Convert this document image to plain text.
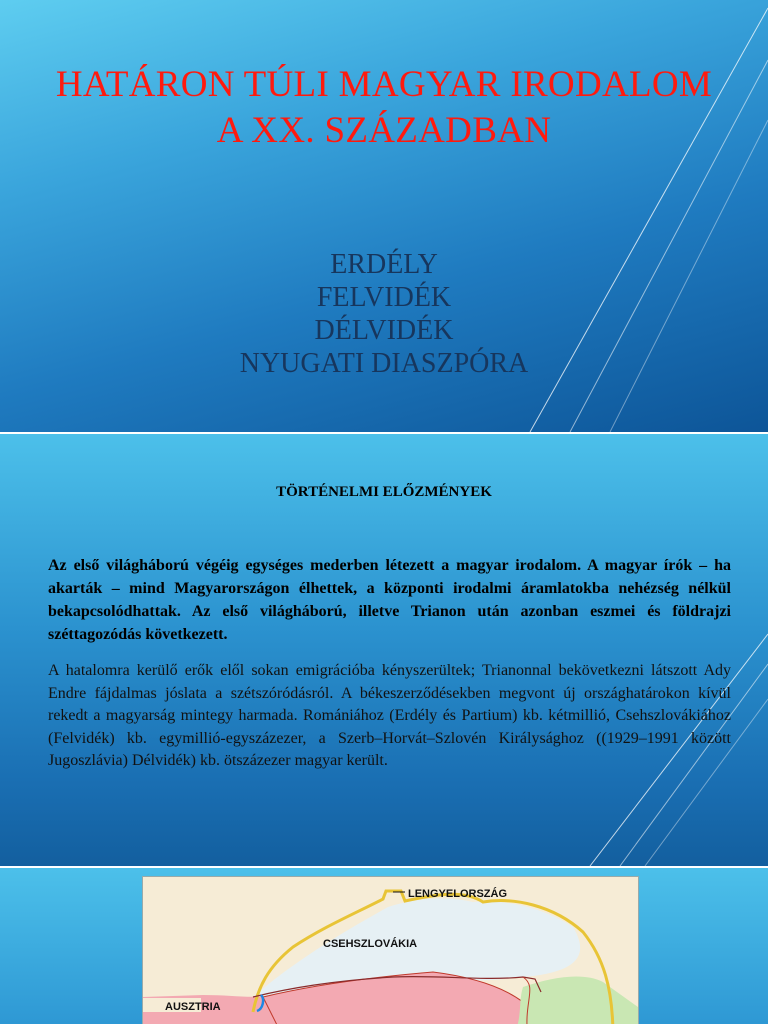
HATÁRON TÚLI MAGYAR IRODALOM
A XX. SZÁZADBAN
ERDÉLY
FELVIDÉK
DÉLVIDÉK
NYUGATI DIASZPÓRA
TÖRTÉNELMI ELŐZMÉNYEK

Az első világháború végéig egységes mederben létezett a magyar irodalom. A magyar írók – ha akarták – mind Magyarországon élhettek, a központi irodalmi áramlatokba nehézség nélkül bekapcsolódhattak. Az első világháború, illetve Trianon után azonban eszmei és földrajzi széttagozódás következett.

A hatalomra kerülő erők elől sokan emigrációba kényszerültek; Trianonnal bekövetkezni látszott Ady Endre fájdalmas jóslata a szétszóródásról. A békeszerződésekben megvont új országhatárokon kívül rekedt a magyarság mintegy harmada. Romániához (Erdély és Partium) kb. kétmillió, Csehszlovákiához (Felvidék) kb. egymillió-egyszázezer, a Szerb–Horvát–Szlovén Királysághoz ((1929–1991 között Jugoszlávia) Délvidék) kb. ötszázezer magyar került.

LENGYELORSZÁG
CSEHSZLOVÁKIA
AUSZTRIA
